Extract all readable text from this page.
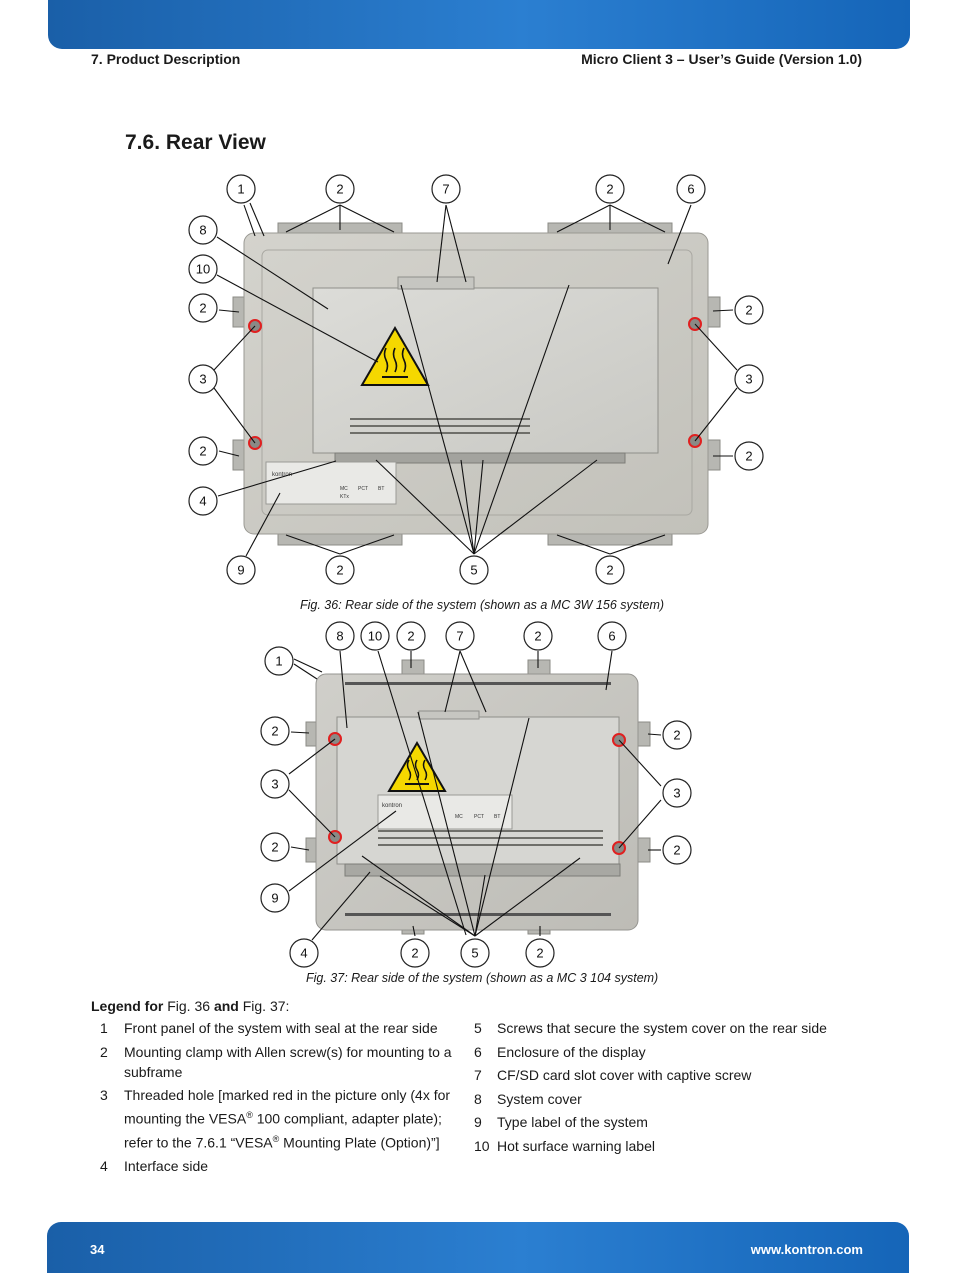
7. Product Description	Micro Client 3 – User’s Guide (Version 1.0)
7.6. Rear View
kontron
MC PCT BT
KTx
1	2	7	2	6
8
10
2	2
3	3
2	2
4
9	2	5	2
Fig. 36: Rear side of the system (shown as a MC 3W 156 system)
kontron
MC PCT BT
8 10 2	7	2	6
1
2	2
3
3
2	2
9
4	2	5	2
Fig. 37: Rear side of the system (shown as a MC 3 104 system)
Legend for Fig. 36 and Fig. 37:
1	Front panel of the system with seal at the rear side
2	Mounting clamp with Allen screw(s) for mounting to a subframe
3	Threaded hole [marked red in the picture only (4x for mounting the VESA® 100 compliant, adapter plate); refer to the 7.6.1 “VESA® Mounting Plate (Option)”]
4	Interface side
5	Screws that secure the system cover on the rear side
6	Enclosure of the display
7	CF/SD card slot cover with captive screw
8	System cover
9	Type label of the system
10 Hot surface warning label
34	www.kontron.com
